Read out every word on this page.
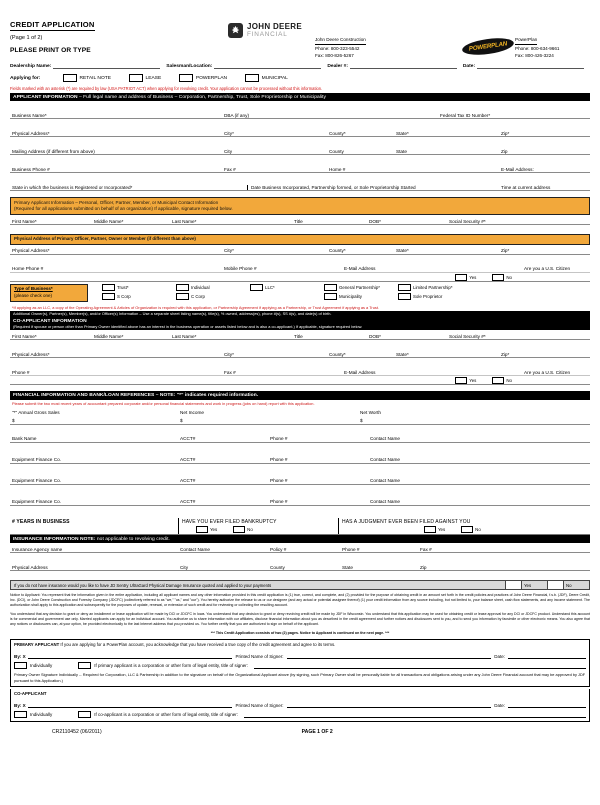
CREDIT APPLICATION
(Page 1 of 2)
PLEASE PRINT OR TYPE
JOHN DEERE
FINANCIAL
John Deere Construction
Phone: 800-323-5542
Fax: 800-826-5267
POWERPLAN
PowerPlan
Phone: 800-634-9661
Fax: 800-426-3224
Dealership Name:	Salesman/Location:	Dealer #:	Date:
Applying for:	RETAIL NOTE	LEASE	POWERPLAN	MUNICIPAL
Fields marked with an asterisk (*) are required by law (USA PATRIOT ACT) when applying for revolving credit. Your application cannot be processed without this information.
APPLICANT INFORMATION – Full legal name and address of Business – Corporation, Partnership, Trust, Sole Proprietorship or Municipality
Business Name*	DBA (if any)	Federal Tax ID Number*
Physical Address*	City*	County*	State*	Zip*
Mailing Address (if different from above)	City	County	State	Zip
Business Phone #	Fax #	Home #	E-Mail Address:
State in which the business is Registered or Incorporated*	Date Business Incorporated, Partnership formed, or Sole Proprietorship Started	Time at current address
Primary Applicant Information – Personal, Officer, Partner, Member, or Municipal Contact Information
(Required for all applications submitted on behalf of an organization) If applicable, signature required below.
First Name*	Middle Name*	Last Name*	Title	DOB*	Social Security #*
Physical Address of Primary Officer, Partner, Owner or Member (if different than above)
Physical Address*	City*	County*	State*	Zip*
Home Phone #	Mobile Phone #	E-Mail Address	Are you a U.S. Citizen
Yes	No
Type of Business*
(please check one)
Trust*
S Corp
Individual
C Corp
LLC*	General Partnership*
Municipality
Limited Partnership*
Sole Proprietor
*If applying as an LLC, a copy of the Operating Agreement & Articles of Organization is required with this application, or Partnership Agreement if applying as a Partnership, or Trust Agreement if applying as a Trust.
Additional Owner(s), Partner(s), Member(s), and/or Officer(s) Information – Use a separate sheet listing name(s), title(s), % owned, address(es), phone #(s), SS #(s), and date(s) of birth.
CO-APPLICANT INFORMATION
(Required if spouse or person other than Primary Owner identified above has an interest in the business operation or assets listed below and is also a co-applicant.) If applicable, signature required below.
First Name*	Middle Name*	Last Name*	Title	DOB*	Social Security #*
Physical Address*	City*	County*	State*	Zip*
Phone #	Fax #	E-Mail Address	Are you a U.S. Citizen
Yes	No
FINANCIAL INFORMATION AND BANK/LOAN REFERENCES – NOTE: "*" indicates required information.
Please submit the two most recent years of accountant prepared corporate and/or personal financial statements and work in progress (jobs on hand) report with this application.
"*" Annual Gross Sales	Net Income	Net Worth
$	$	$
Bank Name	ACCT#	Phone #	Contact Name
Equipment Finance Co.	ACCT#	Phone #	Contact Name
Equipment Finance Co.	ACCT#	Phone #	Contact Name
Equipment Finance Co.	ACCT#	Phone #	Contact Name
# YEARS IN BUSINESS	HAVE YOU EVER FILED BANKRUPTCY
Yes	No
HAS A JUDGMENT EVER BEEN FILED AGAINST YOU
Yes	No
INSURANCE INFORMATION NOTE: not applicable to revolving credit.
Insurance Agency name	Contact Name	Policy #	Phone #	Fax #
Physical Address	City	County	State	Zip
If you do not have insurance would you like to have JD Sentry UltraGard Physical Damage Insurance quoted and applied to your payments	Yes	No

Notice to Applicant: You represent that the information given in the entire application, including all applicant names and any other information provided in this credit application is (1) true, correct, and complete, and (2) provided for the purpose of obtaining credit in an amount set forth in the credit policies and practices of John Deere Financial, f.s.b. (JDF), Deere Credit, Inc. (DCI), or John Deere Construction and Forestry Company (JDCFC) (collectively referred to as "we," "us," and "our"). You hereby authorize the release to us or our designee (and any actual or potential assignee thereof) (1) your credit information from any source including, but not limited to, your balance sheet, cash flow statements, and any income statement. The authorization shall apply to this application and subsequently for the purposes of update, renewal, or extension of such credit and for reviewing or collecting the resulting account.

You understand that any decision to grant or deny an installment or lease application will be made by DCI or JDCFC in Iowa. You understand that any decision to grant or deny revolving credit will be made by JDF in Wisconsin. You understand that this application may be used for obtaining credit or lease approval for any DCI or JDCFC product. Understand this account is for commercial and government use only. Married applicants can apply for an individual account. You authorize us to share information with our affiliates, disclose financial information about you as described in the credit agreement and further notices and disclosures sent to you, and to send you information by facsimile or other electronic means. You also agree that any notices or disclosures can, at your option, be provided electronically to the last Internet address that you provided us. You further certify that you are authorized to sign on behalf of the applicant.

*** This Credit Application consists of two (2) pages. Notice to Applicant is continued on the next page. ***

PRIMARY APPLICANT If you are applying for a PowerPlan account, you acknowledge that you have received a true copy of the credit agreement and agree to its terms.
By: X	Printed Name of Signer:	Date:
Individually	If primary applicant is a corporation or other form of legal entity, title of signer:
Primary Owner Signature Individually -- Required for Corporation, LLC & Partnership in addition to the signature on behalf of the Organizational Applicant above (by signing, such Primary Owner shall be personally liable for all transactions and obligations arising under any John Deere Financial account that may be approved by JDF pursuant to this Application.)
CO-APPLICANT
By: X	Printed Name of Signer:	Date:
Individually	If co-applicant is a corporation or other form of legal entity, title of signer:
CR2110452 (06/2011)	PAGE 1 OF 2
